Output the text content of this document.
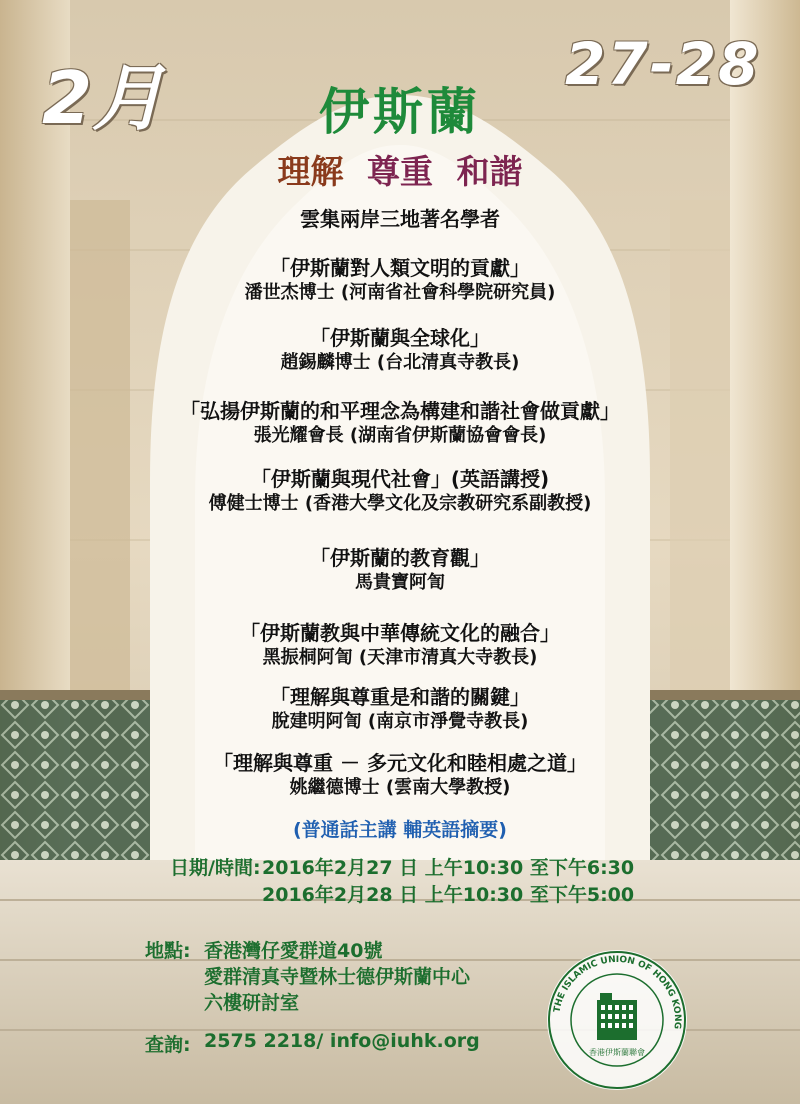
2月	27-28
伊斯蘭
理解 尊重 和諧
雲集兩岸三地著名學者
「伊斯蘭對人類文明的貢獻」
潘世杰博士 (河南省社會科學院研究員)
「伊斯蘭與全球化」
趙錫麟博士 (台北清真寺教長)
「弘揚伊斯蘭的和平理念為構建和諧社會做貢獻」
張光耀會長 (湖南省伊斯蘭協會會長)
「伊斯蘭與現代社會」(英語講授)
傅健士博士 (香港大學文化及宗教研究系副教授)
「伊斯蘭的教育觀」
馬貴寶阿訇
「伊斯蘭教與中華傳統文化的融合」
黑振桐阿訇 (天津市清真大寺教長)
「理解與尊重是和諧的關鍵」
脫建明阿訇 (南京市淨覺寺教長)
「理解與尊重 － 多元文化和睦相處之道」
姚繼德博士 (雲南大學教授)
(普通話主講 輔英語摘要)
日期/時間: 2016年2月27 日 上午10:30 至下午6:30
2016年2月28 日 上午10:30 至下午5:00
地點: 香港灣仔愛群道40號
愛群清真寺暨林士德伊斯蘭中心
六樓研討室
查詢: 2575 2218/ info@iuhk.org
THE ISLAMIC UNION OF HONG KONG
香港伊斯蘭聯會
